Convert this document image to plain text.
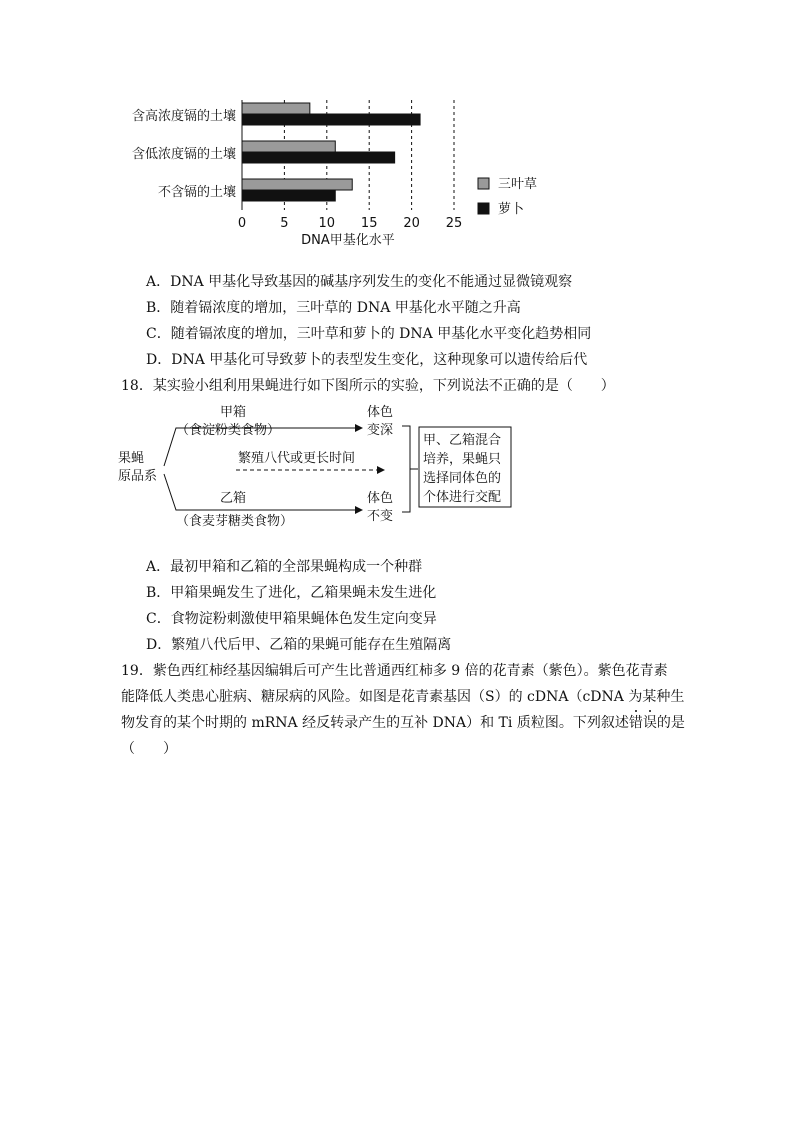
含高浓度镉的土壤
含低浓度镉的土壤
不含镉的土壤
0	5 10 15 20 25
DNA甲基化水平
三叶草
萝卜
A．DNA 甲基化导致基因的碱基序列发生的变化不能通过显微镜观察
B．随着镉浓度的增加，三叶草的 DNA 甲基化水平随之升高
C．随着镉浓度的增加，三叶草和萝卜的 DNA 甲基化水平变化趋势相同
D．DNA 甲基化可导致萝卜的表型发生变化，这种现象可以遗传给后代
18．某实验小组利用果蝇进行如下图所示的实验，下列说法不正确的是（　　）
果蝇
原品系
甲箱
（食淀粉类食物）
乙箱
（食麦芽糖类食物）
繁殖八代或更长时间
体色
变深
体色
不变
甲、乙箱混合
培养，果蝇只
选择同体色的
个体进行交配
A．最初甲箱和乙箱的全部果蝇构成一个种群
B．甲箱果蝇发生了进化，乙箱果蝇未发生进化
C．食物淀粉刺激使甲箱果蝇体色发生定向变异
D．繁殖八代后甲、乙箱的果蝇可能存在生殖隔离
19．紫色西红柿经基因编辑后可产生比普通西红柿多 9 倍的花青素（紫色）。紫色花青素
能降低人类患心脏病、糖尿病的风险。如图是花青素基因（S）的 cDNA（cDNA 为某种生
物发育的某个时期的 mRNA 经反转录产生的互补 DNA）和 Ti 质粒图。下列叙述错误的是
（　　）
